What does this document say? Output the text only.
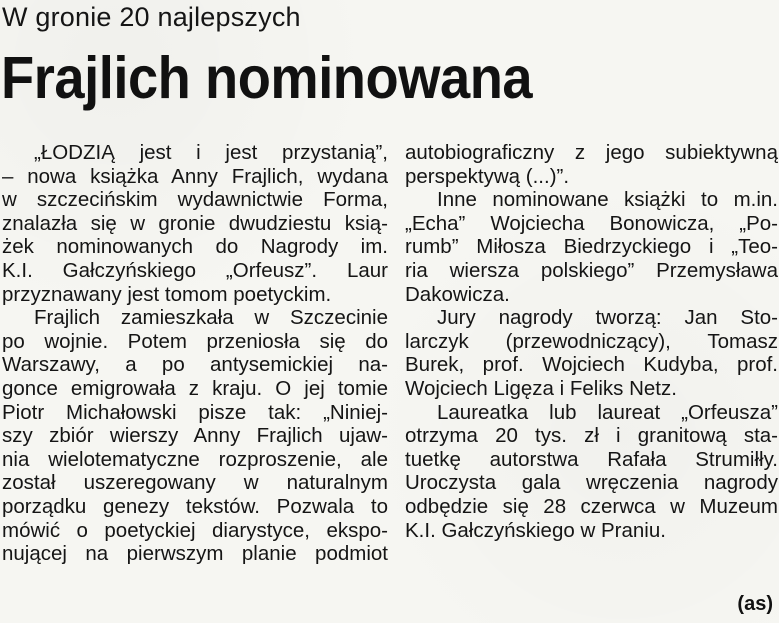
W gronie 20 najlepszych
Frajlich nominowana
„ŁODZIĄ jest i jest przystanią”,
– nowa książka Anny Frajlich, wydana
w szczecińskim wydawnictwie Forma,
znalazła się w gronie dwudziestu ksią-
żek nominowanych do Nagrody im.
K.I. Gałczyńskiego „Orfeusz”. Laur
przyznawany jest tomom poetyckim.
Frajlich zamieszkała w Szczecinie
po wojnie. Potem przeniosła się do
Warszawy, a po antysemickiej na-
gonce emigrowała z kraju. O jej tomie
Piotr Michałowski pisze tak: „Niniej-
szy zbiór wierszy Anny Frajlich ujaw-
nia wielotematyczne rozproszenie, ale
został uszeregowany w naturalnym
porządku genezy tekstów. Pozwala to
mówić o poetyckiej diarystyce, ekspo-
nującej na pierwszym planie podmiot
autobiograficzny z jego subiektywną
perspektywą (...)”.
Inne nominowane książki to m.in.
„Echa” Wojciecha Bonowicza, „Po-
rumb” Miłosza Biedrzyckiego i „Teo-
ria wiersza polskiego” Przemysława
Dakowicza.
Jury nagrody tworzą: Jan Sto-
larczyk (przewodniczący), Tomasz
Burek, prof. Wojciech Kudyba, prof.
Wojciech Ligęza i Feliks Netz.
Laureatka lub laureat „Orfeusza”
otrzyma 20 tys. zł i granitową sta-
tuetkę autorstwa Rafała Strumiłły.
Uroczysta gala wręczenia nagrody
odbędzie się 28 czerwca w Muzeum
K.I. Gałczyńskiego w Praniu.
(as)
